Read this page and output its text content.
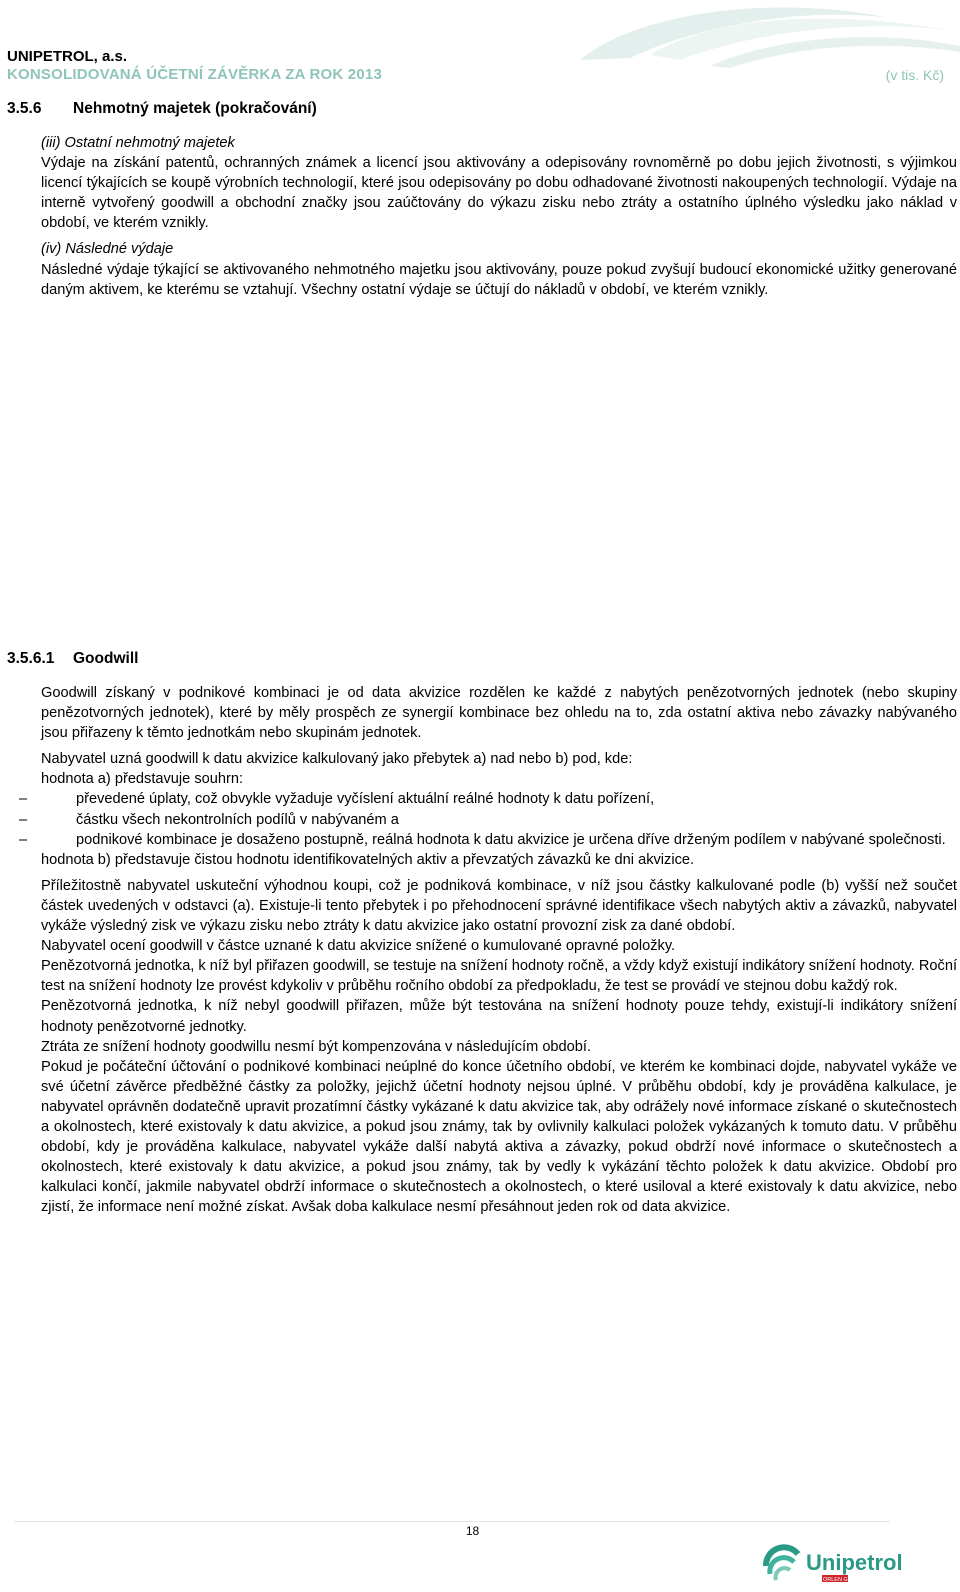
UNIPETROL, a.s.
KONSOLIDOVANÁ ÚČETNÍ ZÁVĚRKA ZA ROK 2013	(v tis. Kč)
3.5.6 Nehmotný majetek (pokračování)

(iii) Ostatní nehmotný majetek

Výdaje na získání patentů, ochranných známek a licencí jsou aktivovány a odepisovány rovnoměrně po dobu jejich životnosti, s výjimkou licencí týkajících se koupě výrobních technologií, které jsou odepisovány po dobu odhadované životnosti nakoupených technologií. Výdaje na interně vytvořený goodwill a obchodní značky jsou zaúčtovány do výkazu zisku nebo ztráty a ostatního úplného výsledku jako náklad v období, ve kterém vznikly.

(iv) Následné výdaje

Následné výdaje týkající se aktivovaného nehmotného majetku jsou aktivovány, pouze pokud zvyšují budoucí ekonomické užitky generované daným aktivem, ke kterému se vztahují. Všechny ostatní výdaje se účtují do nákladů v období, ve kterém vznikly.

3.5.6.1 Goodwill

Goodwill získaný v podnikové kombinaci je od data akvizice rozdělen ke každé z nabytých penězotvorných jednotek (nebo skupiny penězotvorných jednotek), které by měly prospěch ze synergií kombinace bez ohledu na to, zda ostatní aktiva nebo závazky nabývaného jsou přiřazeny k těmto jednotkám nebo skupinám jednotek.

Nabyvatel uzná goodwill k datu akvizice kalkulovaný jako přebytek a) nad nebo b) pod, kde:

hodnota a) představuje souhrn:

–	převedené úplaty, což obvykle vyžaduje vyčíslení aktuální reálné hodnoty k datu pořízení,
–	částku všech nekontrolních podílů v nabývaném a
–	podnikové kombinace je dosaženo postupně, reálná hodnota k datu akvizice je určena dříve drženým podílem v nabývané společnosti.

hodnota b) představuje čistou hodnotu identifikovatelných aktiv a převzatých závazků ke dni akvizice.

Příležitostně nabyvatel uskuteční výhodnou koupi, což je podniková kombinace, v níž jsou částky kalkulované podle (b) vyšší než součet částek uvedených v odstavci (a). Existuje-li tento přebytek i po přehodnocení správné identifikace všech nabytých aktiv a závazků, nabyvatel vykáže výsledný zisk ve výkazu zisku nebo ztráty k datu akvizice jako ostatní provozní zisk za dané období.

Nabyvatel ocení goodwill v částce uznané k datu akvizice snížené o kumulované opravné položky.

Penězotvorná jednotka, k níž byl přiřazen goodwill, se testuje na snížení hodnoty ročně, a vždy když existují indikátory snížení hodnoty. Roční test na snížení hodnoty lze provést kdykoliv v průběhu ročního období za předpokladu, že test se provádí ve stejnou dobu každý rok.

Penězotvorná jednotka, k níž nebyl goodwill přiřazen, může být testována na snížení hodnoty pouze tehdy, existují-li indikátory snížení hodnoty penězotvorné jednotky.

Ztráta ze snížení hodnoty goodwillu nesmí být kompenzována v následujícím období.

Pokud je počáteční účtování o podnikové kombinaci neúplné do konce účetního období, ve kterém ke kombinaci dojde, nabyvatel vykáže ve své účetní závěrce předběžné částky za položky, jejichž účetní hodnoty nejsou úplné. V průběhu období, kdy je prováděna kalkulace, je nabyvatel oprávněn dodatečně upravit prozatímní částky vykázané k datu akvizice tak, aby odrážely nové informace získané o skutečnostech a okolnostech, které existovaly k datu akvizice, a pokud jsou známy, tak by ovlivnily kalkulaci položek vykázaných k tomuto datu. V průběhu období, kdy je prováděna kalkulace, nabyvatel vykáže další nabytá aktiva a závazky, pokud obdrží nové informace o skutečnostech a okolnostech, které existovaly k datu akvizice, a pokud jsou známy, tak by vedly k vykázání těchto položek k datu akvizice. Období pro kalkulaci končí, jakmile nabyvatel obdrží informace o skutečnostech a okolnostech, o které usiloval a které existovaly k datu akvizice, nebo zjistí, že informace není možné získat. Avšak doba kalkulace nesmí přesáhnout jeden rok od data akvizice.

18
Unipetrol
ORLEN GROUP
